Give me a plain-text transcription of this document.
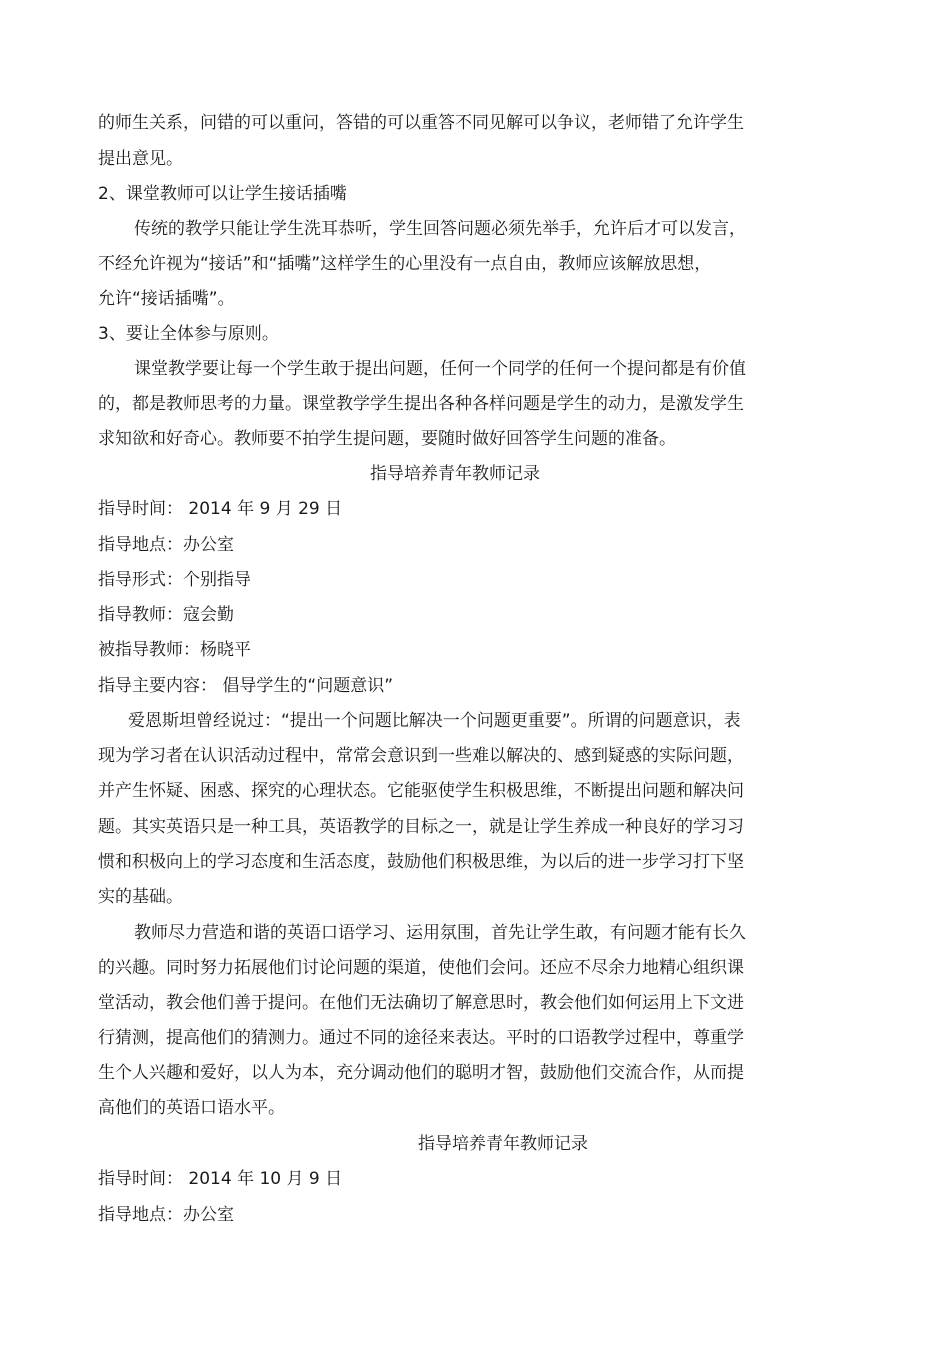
的师生关系，问错的可以重问，答错的可以重答不同见解可以争议，老师错了允许学生
提出意见。
2、课堂教师可以让学生接话插嘴
传统的教学只能让学生洗耳恭听，学生回答问题必须先举手，允许后才可以发言，
不经允许视为“接话”和“插嘴”这样学生的心里没有一点自由，教师应该解放思想，
允许“接话插嘴”。
3、要让全体参与原则。
课堂教学要让每一个学生敢于提出问题，任何一个同学的任何一个提问都是有价值
的，都是教师思考的力量。课堂教学学生提出各种各样问题是学生的动力，是激发学生
求知欲和好奇心。教师要不拍学生提问题，要随时做好回答学生问题的准备。
指导培养青年教师记录
指导时间： 2014 年 9 月 29 日
指导地点：办公室
指导形式：个别指导
指导教师：寇会勤
被指导教师：杨晓平
指导主要内容： 倡导学生的“问题意识”
爱恩斯坦曾经说过：“提出一个问题比解决一个问题更重要”。所谓的问题意识，表
现为学习者在认识活动过程中，常常会意识到一些难以解决的、感到疑惑的实际问题，
并产生怀疑、困惑、探究的心理状态。它能驱使学生积极思维，不断提出问题和解决问
题。其实英语只是一种工具，英语教学的目标之一，就是让学生养成一种良好的学习习
惯和积极向上的学习态度和生活态度，鼓励他们积极思维，为以后的进一步学习打下坚
实的基础。
教师尽力营造和谐的英语口语学习、运用氛围，首先让学生敢，有问题才能有长久
的兴趣。同时努力拓展他们讨论问题的渠道，使他们会问。还应不尽余力地精心组织课
堂活动，教会他们善于提问。在他们无法确切了解意思时，教会他们如何运用上下文进
行猜测，提高他们的猜测力。通过不同的途径来表达。平时的口语教学过程中，尊重学
生个人兴趣和爱好，以人为本，充分调动他们的聪明才智，鼓励他们交流合作，从而提
高他们的英语口语水平。
指导培养青年教师记录
指导时间： 2014 年 10 月 9 日
指导地点：办公室
